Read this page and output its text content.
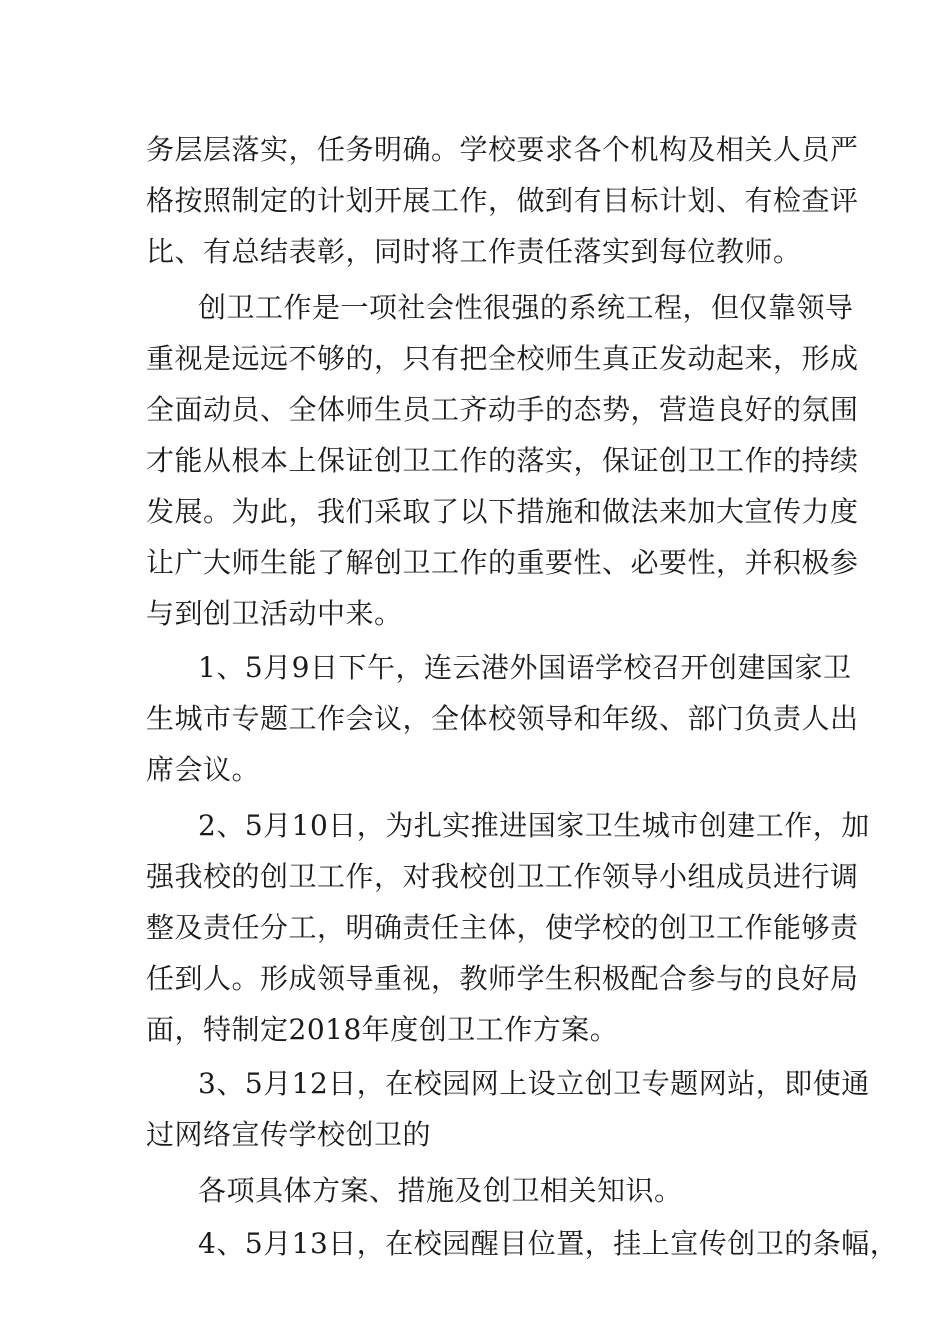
务层层落实，任务明确。学校要求各个机构及相关人员严
格按照制定的计划开展工作，做到有目标计划、有检查评
比、有总结表彰，同时将工作责任落实到每位教师。
创卫工作是一项社会性很强的系统工程，但仅靠领导
重视是远远不够的，只有把全校师生真正发动起来，形成
全面动员、全体师生员工齐动手的态势，营造良好的氛围
才能从根本上保证创卫工作的落实，保证创卫工作的持续
发展。为此，我们采取了以下措施和做法来加大宣传力度
让广大师生能了解创卫工作的重要性、必要性，并积极参
与到创卫活动中来。
1、5月9日下午，连云港外国语学校召开创建国家卫
生城市专题工作会议，全体校领导和年级、部门负责人出
席会议。
2、5月10日，为扎实推进国家卫生城市创建工作，加
强我校的创卫工作，对我校创卫工作领导小组成员进行调
整及责任分工，明确责任主体，使学校的创卫工作能够责
任到人。形成领导重视，教师学生积极配合参与的良好局
面，特制定2018年度创卫工作方案。
3、5月12日，在校园网上设立创卫专题网站，即使通
过网络宣传学校创卫的
各项具体方案、措施及创卫相关知识。
4、5月13日，在校园醒目位置，挂上宣传创卫的条幅，
